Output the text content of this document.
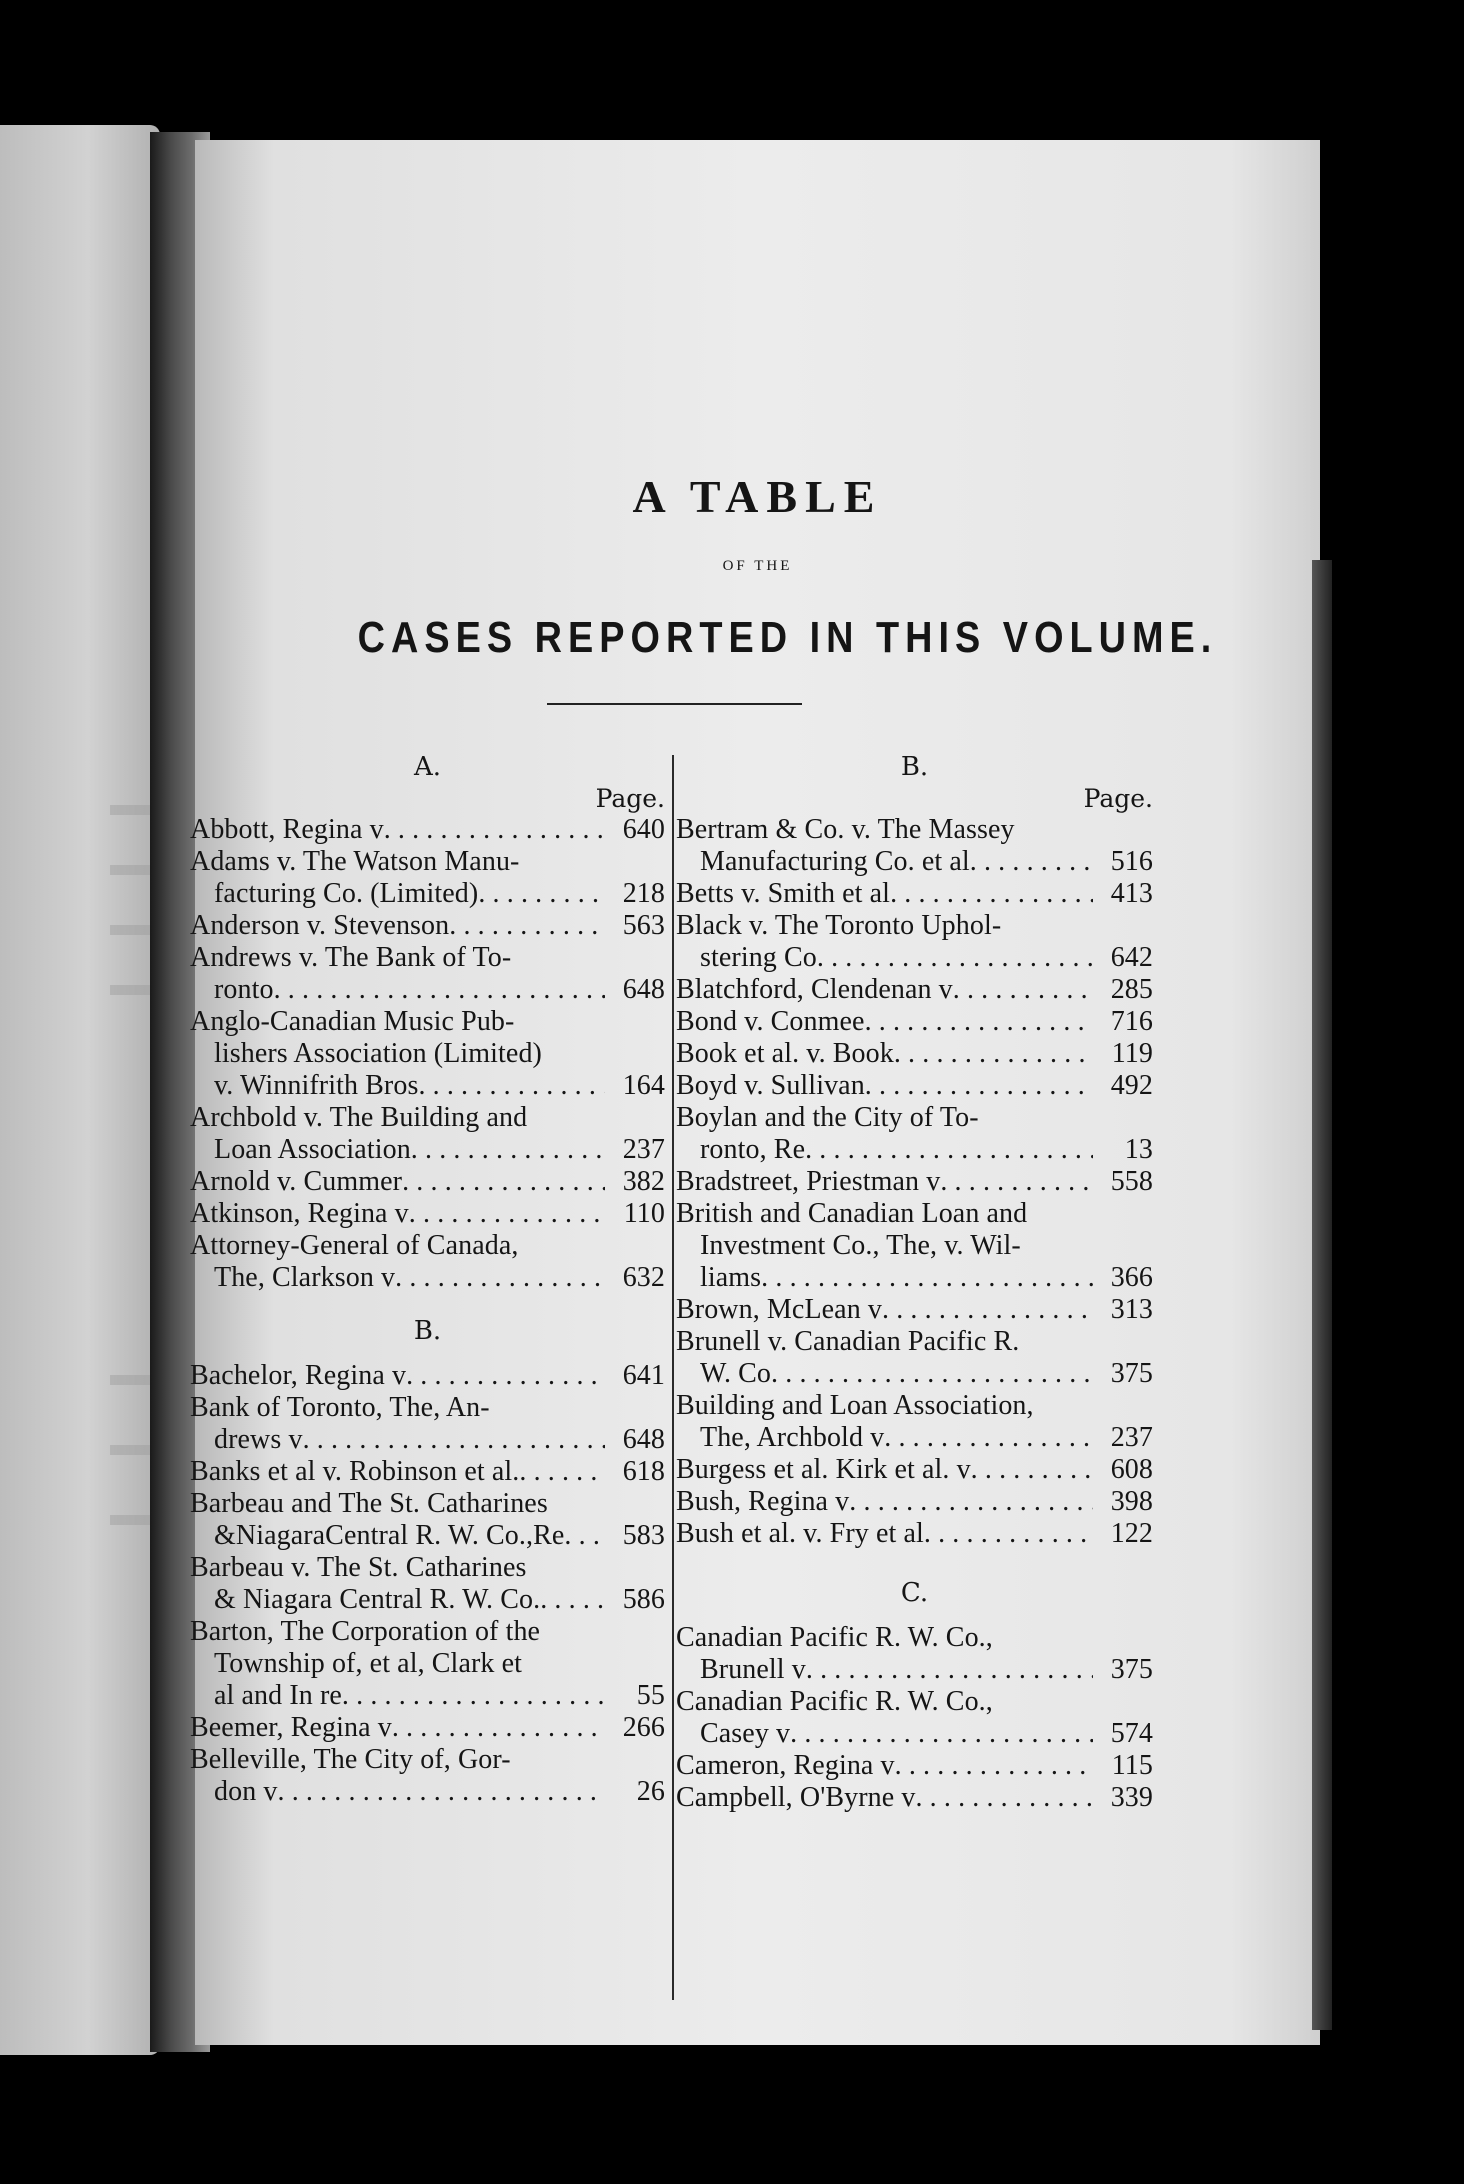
A TABLE
OF THE
CASES REPORTED IN THIS VOLUME.
A.
Page.
Abbott, Regina v . . .	640
Adams v. The Watson Manu-
facturing Co. (Limited) . . .	218
Anderson v. Stevenson . . .	563
Andrews v. The Bank of To-
ronto . . .	648
Anglo-Canadian Music Pub-
lishers Association (Limited)
v. Winnifrith Bros . . .	164
Archbold v. The Building and
Loan Association . . .	237
Arnold v. Cummer . . .	382
Atkinson, Regina v . . .	110
Attorney-General of Canada,
The, Clarkson v . . .	632
B.
Bachelor, Regina v . . .	641
Bank of Toronto, The, An-
drews v . . .	648
Banks et al v. Robinson et al. . . .	618
Barbeau and The St. Catharines
&NiagaraCentral R. W. Co.,Re . . .	583
Barbeau v. The St. Catharines
& Niagara Central R. W. Co. . . .	586
Barton, The Corporation of the
Township of, et al, Clark et
al and In re . . .	55
Beemer, Regina v . . .	266
Belleville, The City of, Gor-
don v . . .	26
B.
Page.
Bertram & Co. v. The Massey
Manufacturing Co. et al . . .	516
Betts v. Smith et al . . .	413
Black v. The Toronto Uphol-
stering Co . . .	642
Blatchford, Clendenan v . . .	285
Bond v. Conmee . . .	716
Book et al. v. Book . . .	119
Boyd v. Sullivan . . .	492
Boylan and the City of To-
ronto, Re . . .	13
Bradstreet, Priestman v . . .	558
British and Canadian Loan and
Investment Co., The, v. Wil-
liams . . .	366
Brown, McLean v . . .	313
Brunell v. Canadian Pacific R.
W. Co . . .	375
Building and Loan Association,
The, Archbold v . . .	237
Burgess et al. Kirk et al. v . . .	608
Bush, Regina v . . .	398
Bush et al. v. Fry et al . . .	122
C.
Canadian Pacific R. W. Co.,
Brunell v . . .	375
Canadian Pacific R. W. Co.,
Casey v . . .	574
Cameron, Regina v . . .	115
Campbell, O'Byrne v . . .	339
